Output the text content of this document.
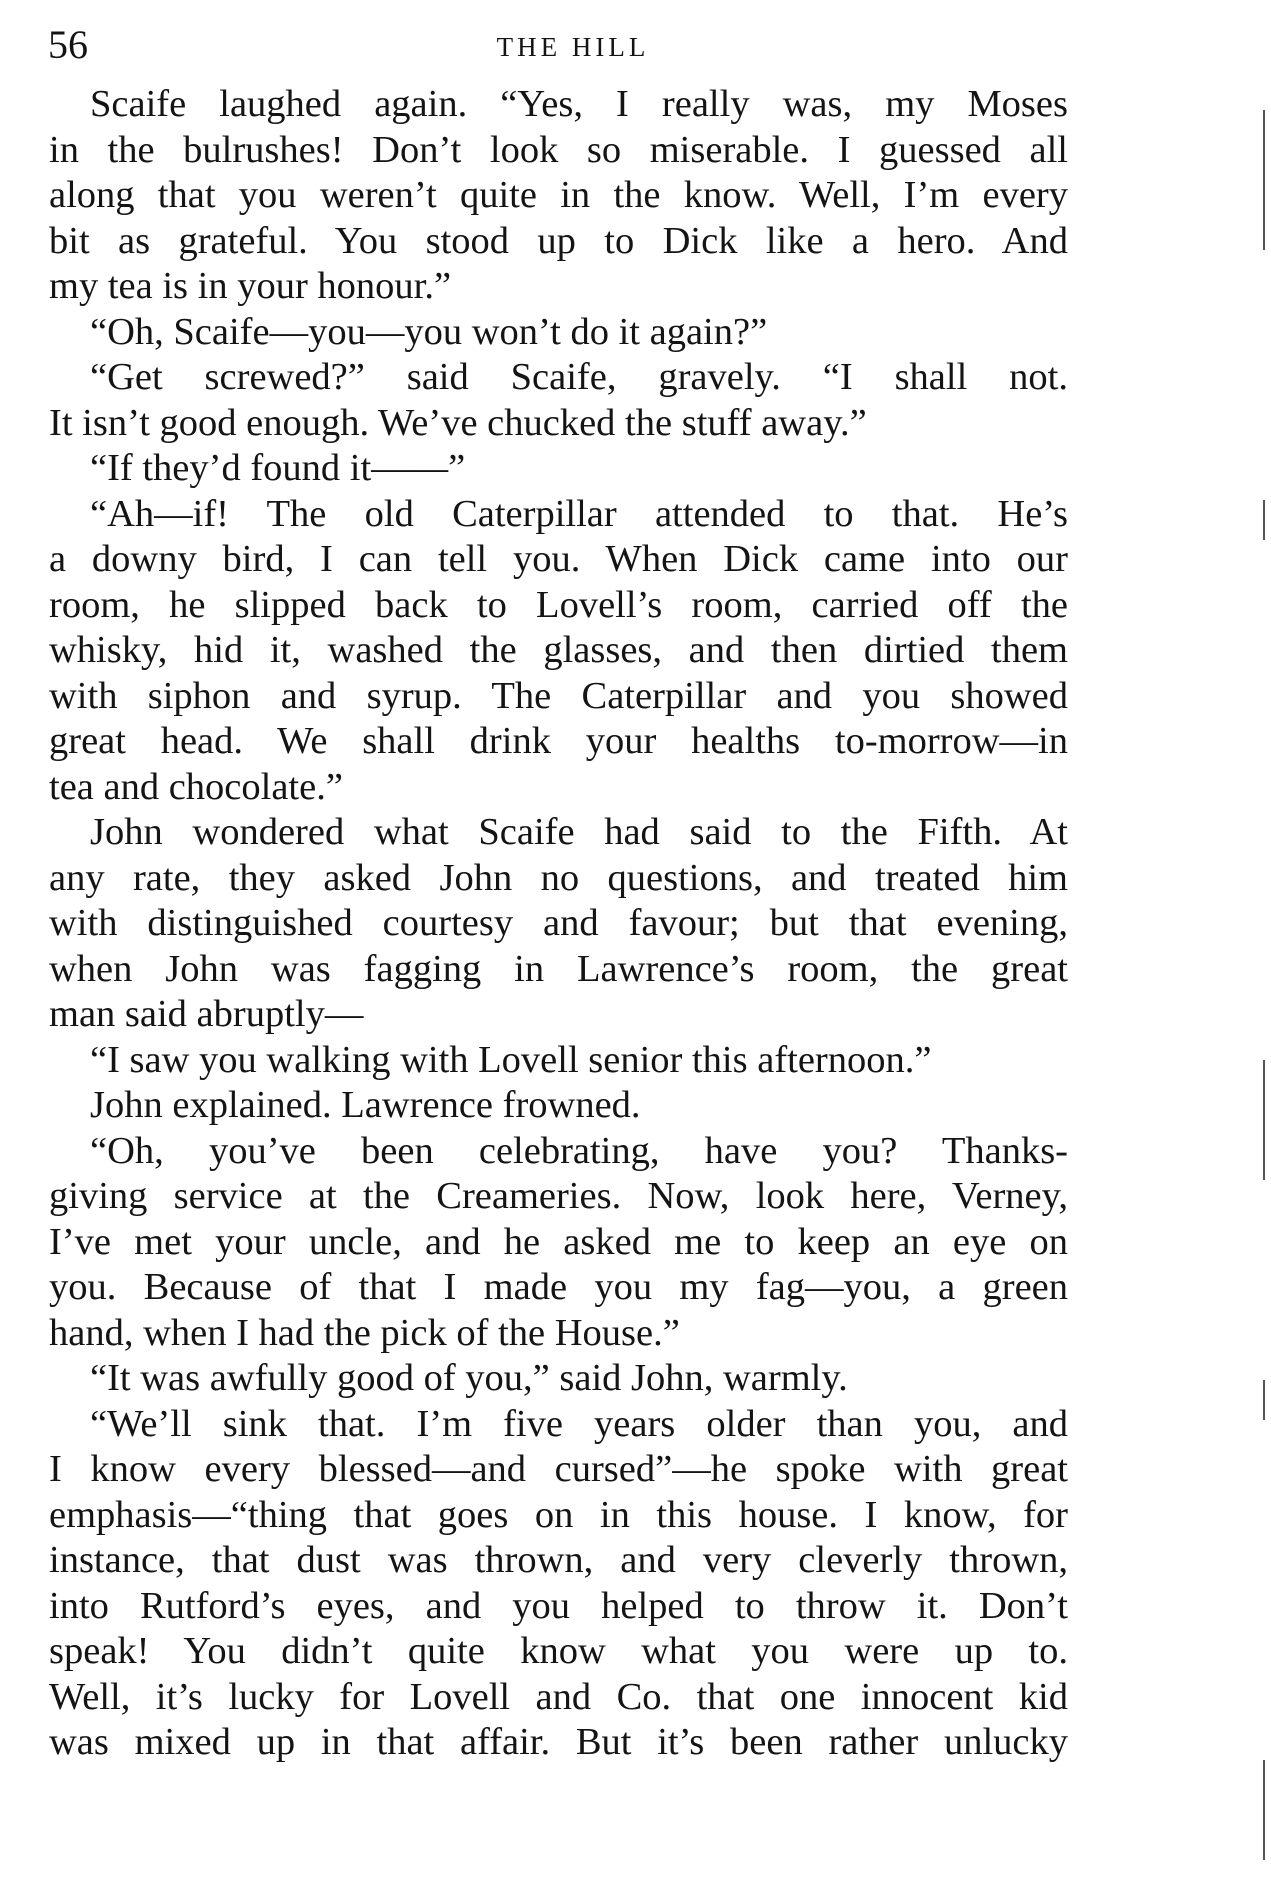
56	THE HILL
Scaife laughed again. “Yes, I really was, my Moses
in the bulrushes! Don’t look so miserable. I guessed all
along that you weren’t quite in the know. Well, I’m every
bit as grateful. You stood up to Dick like a hero. And
my tea is in your honour.”
“Oh, Scaife—you—you won’t do it again?”
“Get screwed?” said Scaife, gravely. “I shall not.
It isn’t good enough. We’ve chucked the stuff away.”
“If they’d found it——”
“Ah—if! The old Caterpillar attended to that. He’s
a downy bird, I can tell you. When Dick came into our
room, he slipped back to Lovell’s room, carried off the
whisky, hid it, washed the glasses, and then dirtied them
with siphon and syrup. The Caterpillar and you showed
great head. We shall drink your healths to-morrow—in
tea and chocolate.”
John wondered what Scaife had said to the Fifth. At
any rate, they asked John no questions, and treated him
with distinguished courtesy and favour; but that evening,
when John was fagging in Lawrence’s room, the great
man said abruptly—
“I saw you walking with Lovell senior this afternoon.”
John explained. Lawrence frowned.
“Oh, you’ve been celebrating, have you? Thanks-
giving service at the Creameries. Now, look here, Verney,
I’ve met your uncle, and he asked me to keep an eye on
you. Because of that I made you my fag—you, a green
hand, when I had the pick of the House.”
“It was awfully good of you,” said John, warmly.
“We’ll sink that. I’m five years older than you, and
I know every blessed—and cursed”—he spoke with great
emphasis—“thing that goes on in this house. I know, for
instance, that dust was thrown, and very cleverly thrown,
into Rutford’s eyes, and you helped to throw it. Don’t
speak! You didn’t quite know what you were up to.
Well, it’s lucky for Lovell and Co. that one innocent kid
was mixed up in that affair. But it’s been rather unlucky
